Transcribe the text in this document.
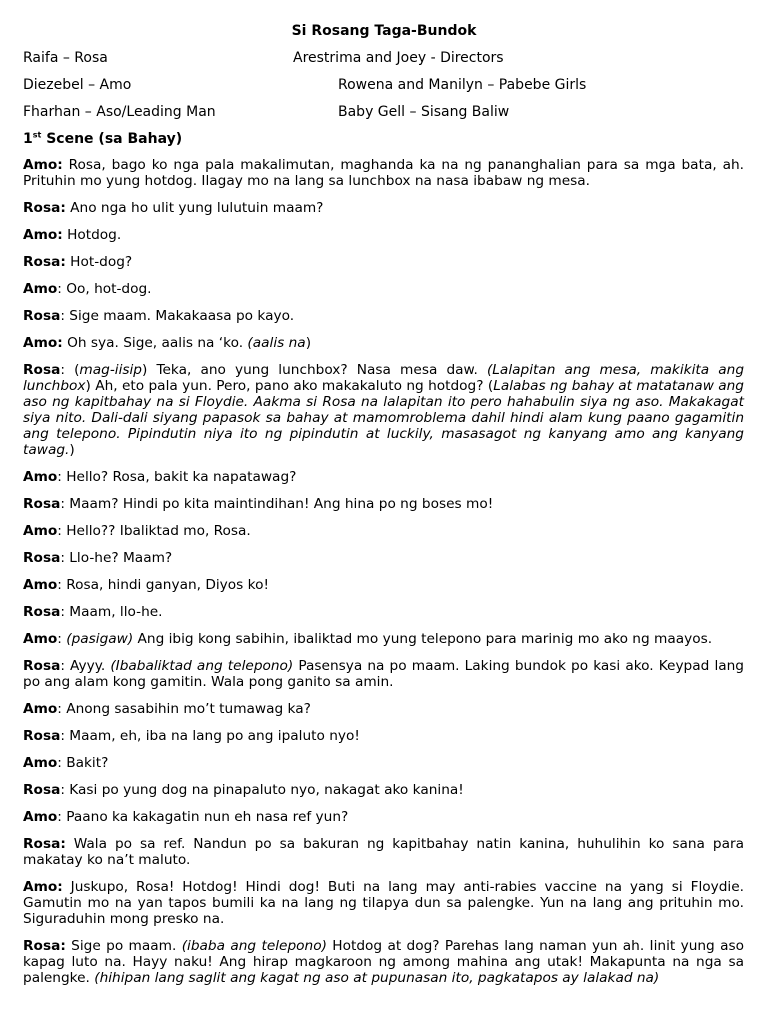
Si Rosang Taga-Bundok
Raifa – Rosa
Diezebel – Amo
Fharhan – Aso/Leading Man
Arestrima and Joey - Directors
Rowena and Manilyn – Pabebe Girls
Baby Gell – Sisang Baliw
1st Scene (sa Bahay)

Amo: Rosa, bago ko nga pala makalimutan, maghanda ka na ng pananghalian para sa mga bata, ah. Prituhin mo yung hotdog. Ilagay mo na lang sa lunchbox na nasa ibabaw ng mesa.

Rosa: Ano nga ho ulit yung lulutuin maam?

Amo: Hotdog.

Rosa: Hot-dog?

Amo: Oo, hot-dog.

Rosa: Sige maam. Makakaasa po kayo.

Amo: Oh sya. Sige, aalis na ‘ko. (aalis na)

Rosa: (mag-iisip) Teka, ano yung lunchbox? Nasa mesa daw. (Lalapitan ang mesa, makikita ang lunchbox) Ah, eto pala yun. Pero, pano ako makakaluto ng hotdog? (Lalabas ng bahay at matatanaw ang aso ng kapitbahay na si Floydie. Aakma si Rosa na lalapitan ito pero hahabulin siya ng aso. Makakagat siya nito. Dali-dali siyang papasok sa bahay at mamomroblema dahil hindi alam kung paano gagamitin ang telepono. Pipindutin niya ito ng pipindutin at luckily, masasagot ng kanyang amo ang kanyang tawag.)

Amo: Hello? Rosa, bakit ka napatawag?

Rosa: Maam? Hindi po kita maintindihan! Ang hina po ng boses mo!

Amo: Hello?? Ibaliktad mo, Rosa.

Rosa: Llo-he? Maam?

Amo: Rosa, hindi ganyan, Diyos ko!

Rosa: Maam, llo-he.

Amo: (pasigaw) Ang ibig kong sabihin, ibaliktad mo yung telepono para marinig mo ako ng maayos.

Rosa: Ayyy. (Ibabaliktad ang telepono) Pasensya na po maam. Laking bundok po kasi ako. Keypad lang po ang alam kong gamitin. Wala pong ganito sa amin.

Amo: Anong sasabihin mo’t tumawag ka?

Rosa: Maam, eh, iba na lang po ang ipaluto nyo!

Amo: Bakit?

Rosa: Kasi po yung dog na pinapaluto nyo, nakagat ako kanina!

Amo: Paano ka kakagatin nun eh nasa ref yun?

Rosa: Wala po sa ref. Nandun po sa bakuran ng kapitbahay natin kanina, huhulihin ko sana para makatay ko na’t maluto.

Amo: Juskupo, Rosa! Hotdog! Hindi dog! Buti na lang may anti-rabies vaccine na yang si Floydie. Gamutin mo na yan tapos bumili ka na lang ng tilapya dun sa palengke. Yun na lang ang prituhin mo. Siguraduhin mong presko na.

Rosa: Sige po maam. (ibaba ang telepono) Hotdog at dog? Parehas lang naman yun ah. Iinit yung aso kapag luto na. Hayy naku! Ang hirap magkaroon ng among mahina ang utak! Makapunta na nga sa palengke. (hihipan lang saglit ang kagat ng aso at pupunasan ito, pagkatapos ay lalakad na)
